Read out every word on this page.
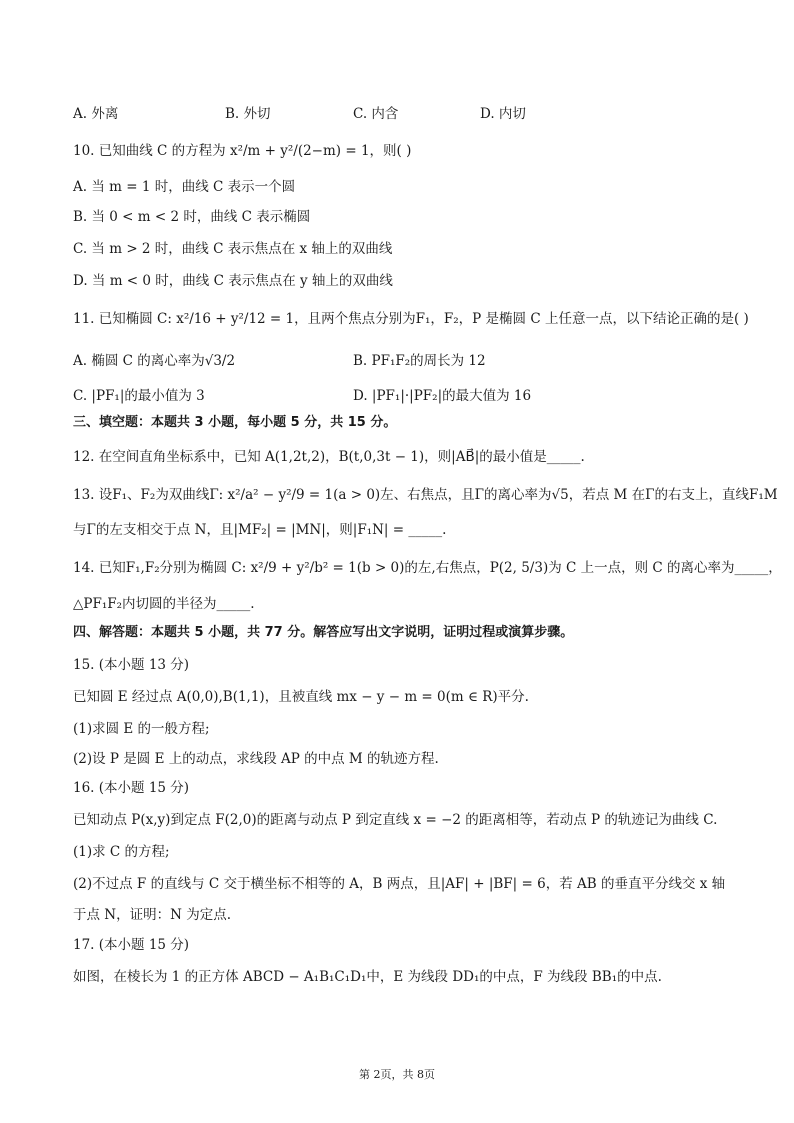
A. 外离	B. 外切	C. 内含	D. 内切
10. 已知曲线 C 的方程为 x²/m + y²/(2−m) = 1，则( )
A. 当 m = 1 时，曲线 C 表示一个圆
B. 当 0 < m < 2 时，曲线 C 表示椭圆
C. 当 m > 2 时，曲线 C 表示焦点在 x 轴上的双曲线
D. 当 m < 0 时，曲线 C 表示焦点在 y 轴上的双曲线
11. 已知椭圆 C: x²/16 + y²/12 = 1，且两个焦点分别为F₁，F₂，P 是椭圆 C 上任意一点，以下结论正确的是( )
A. 椭圆 C 的离心率为√3/2	B. PF₁F₂的周长为 12
C. |PF₁|的最小值为 3	D. |PF₁|·|PF₂|的最大值为 16
三、填空题：本题共 3 小题，每小题 5 分，共 15 分。
12. 在空间直角坐标系中，已知 A(1,2t,2)，B(t,0,3t − 1)，则|AB⃗|的最小值是_____.
13. 设F₁、F₂为双曲线Γ: x²/a² − y²/9 = 1(a > 0)左、右焦点，且Γ的离心率为√5，若点 M 在Γ的右支上，直线F₁M
与Γ的左支相交于点 N，且|MF₂| = |MN|，则|F₁N| = _____.
14. 已知F₁,F₂分别为椭圆 C: x²/9 + y²/b² = 1(b > 0)的左,右焦点，P(2, 5/3)为 C 上一点，则 C 的离心率为_____，
△PF₁F₂内切圆的半径为_____.
四、解答题：本题共 5 小题，共 77 分。解答应写出文字说明，证明过程或演算步骤。
15. (本小题 13 分)
已知圆 E 经过点 A(0,0),B(1,1)，且被直线 mx − y − m = 0(m ∈ R)平分.
(1)求圆 E 的一般方程;
(2)设 P 是圆 E 上的动点，求线段 AP 的中点 M 的轨迹方程.
16. (本小题 15 分)
已知动点 P(x,y)到定点 F(2,0)的距离与动点 P 到定直线 x = −2 的距离相等，若动点 P 的轨迹记为曲线 C.
(1)求 C 的方程;
(2)不过点 F 的直线与 C 交于横坐标不相等的 A，B 两点，且|AF| + |BF| = 6，若 AB 的垂直平分线交 x 轴
于点 N，证明：N 为定点.
17. (本小题 15 分)
如图，在棱长为 1 的正方体 ABCD − A₁B₁C₁D₁中，E 为线段 DD₁的中点，F 为线段 BB₁的中点.
第 2页，共 8页
